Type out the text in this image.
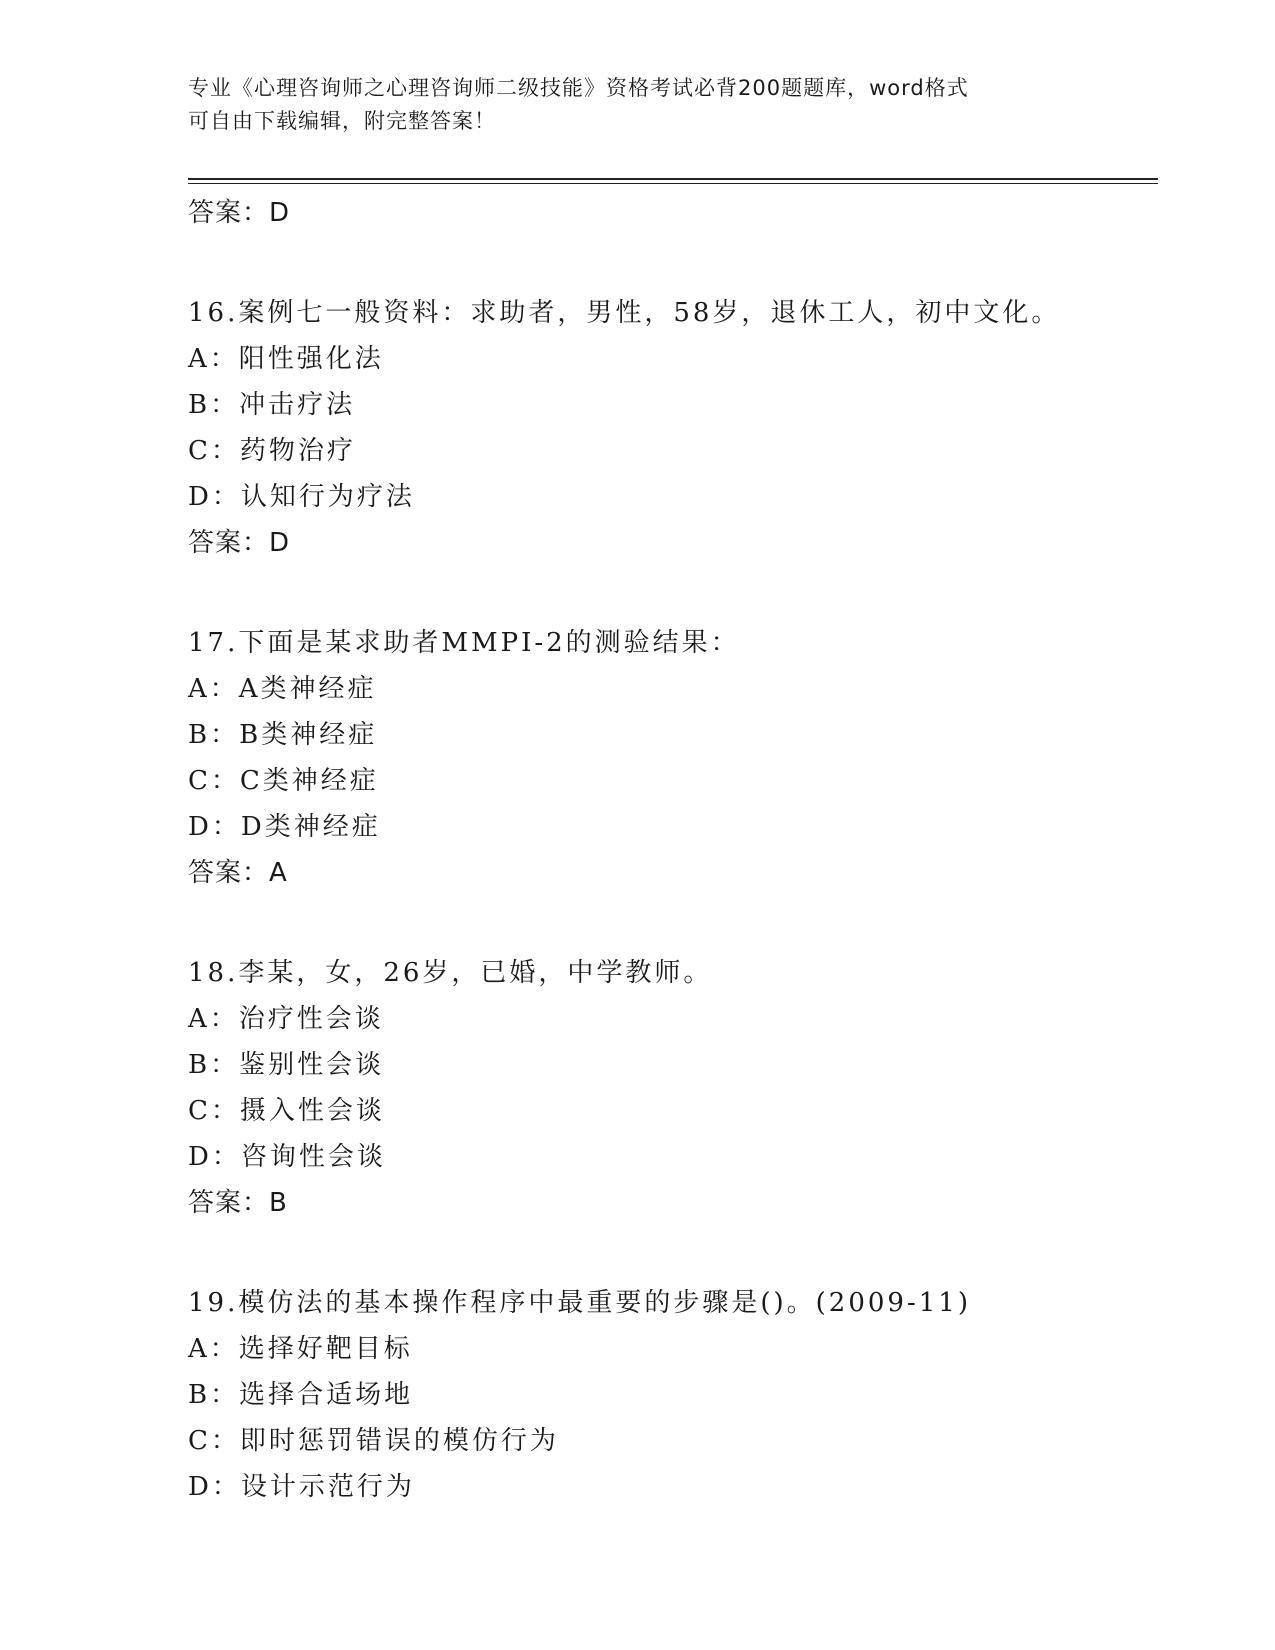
专业《心理咨询师之心理咨询师二级技能》资格考试必背200题题库，word格式
可自由下载编辑，附完整答案！
答案：D
16.案例七一般资料：求助者，男性，58岁，退休工人，初中文化。
A：阳性强化法
B：冲击疗法
C：药物治疗
D：认知行为疗法
答案：D
17.下面是某求助者MMPI-2的测验结果：
A：A类神经症
B：B类神经症
C：C类神经症
D：D类神经症
答案：A
18.李某，女，26岁，已婚，中学教师。
A：治疗性会谈
B：鉴别性会谈
C：摄入性会谈
D：咨询性会谈
答案：B
19.模仿法的基本操作程序中最重要的步骤是()。(2009-11)
A：选择好靶目标
B：选择合适场地
C：即时惩罚错误的模仿行为
D：设计示范行为
